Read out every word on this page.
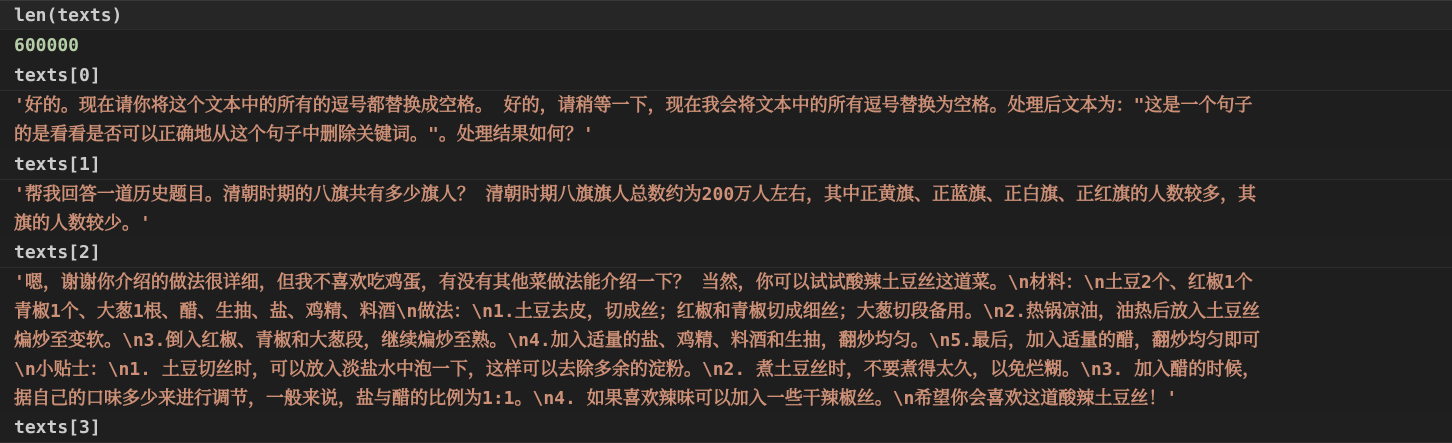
len(texts)
600000
texts[0]
'好的。现在请你将这个文本中的所有的逗号都替换成空格。 好的，请稍等一下，现在我会将文本中的所有逗号替换为空格。处理后文本为："这是一个句子
的是看看是否可以正确地从这个句子中删除关键词。"。处理结果如何？'
texts[1]
'帮我回答一道历史题目。清朝时期的八旗共有多少旗人？ 清朝时期八旗旗人总数约为200万人左右，其中正黄旗、正蓝旗、正白旗、正红旗的人数较多，其
旗的人数较少。'
texts[2]
'嗯，谢谢你介绍的做法很详细，但我不喜欢吃鸡蛋，有没有其他菜做法能介绍一下？ 当然，你可以试试酸辣土豆丝这道菜。\n材料：\n土豆2个、红椒1个
青椒1个、大葱1根、醋、生抽、盐、鸡精、料酒\n做法：\n1.土豆去皮，切成丝；红椒和青椒切成细丝；大葱切段备用。\n2.热锅凉油，油热后放入土豆丝
煸炒至变软。\n3.倒入红椒、青椒和大葱段，继续煸炒至熟。\n4.加入适量的盐、鸡精、料酒和生抽，翻炒均匀。\n5.最后，加入适量的醋，翻炒均匀即可
\n小贴士：\n1. 土豆切丝时，可以放入淡盐水中泡一下，这样可以去除多余的淀粉。\n2. 煮土豆丝时，不要煮得太久，以免烂糊。\n3. 加入醋的时候，
据自己的口味多少来进行调节，一般来说，盐与醋的比例为1:1。\n4. 如果喜欢辣味可以加入一些干辣椒丝。\n希望你会喜欢这道酸辣土豆丝！'
texts[3]
